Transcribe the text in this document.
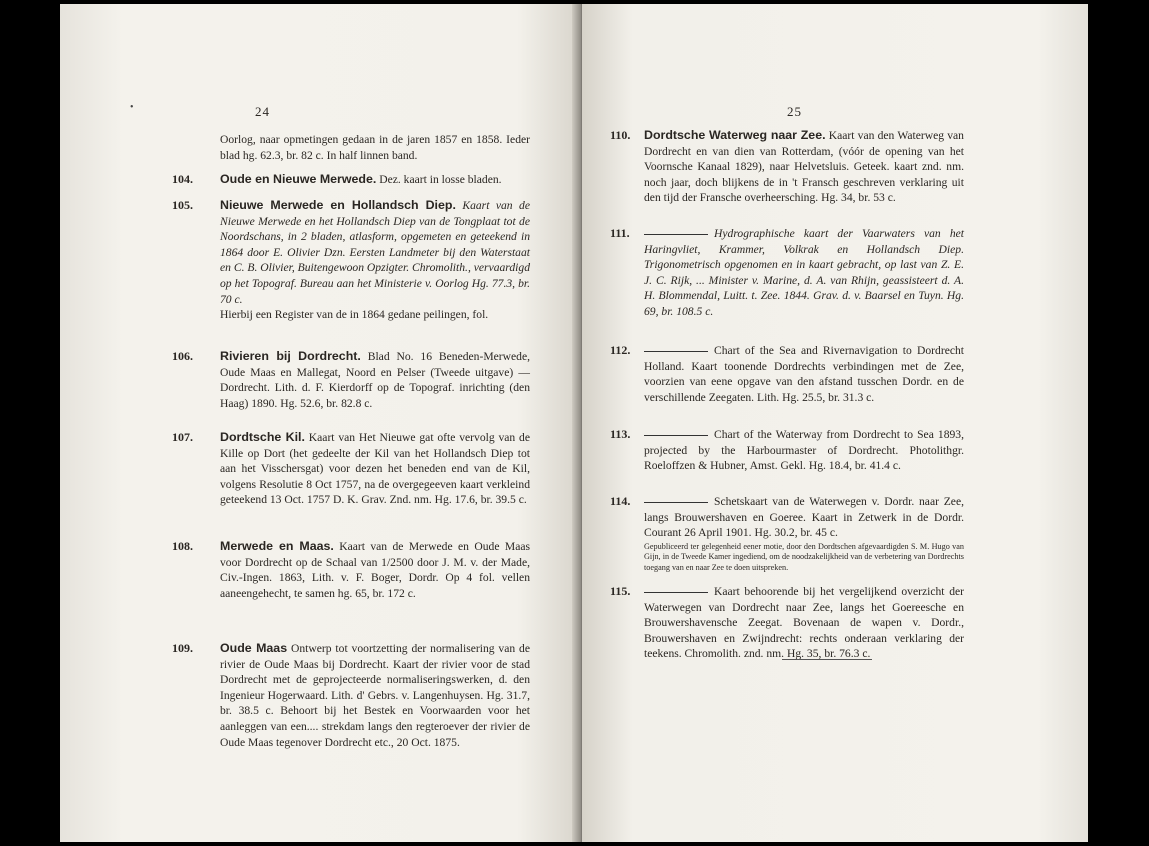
•	24
Oorlog, naar opmetingen gedaan in de jaren 1857 en 1858. Ieder blad hg. 62.3, br. 82 c. In half linnen band.
104. Oude en Nieuwe Merwede. Dez. kaart in losse bladen.
105. Nieuwe Merwede en Hollandsch Diep. Kaart van de Nieuwe Merwede en het Hollandsch Diep van de Tongplaat tot de Noordschans, in 2 bladen, atlasform, opgemeten en geteekend in 1864 door E. Olivier Dzn. Eersten Landmeter bij den Waterstaat en C. B. Olivier, Buitengewoon Opzigter. Chromolith., vervaardigd op het Topograf. Bureau aan het Ministerie v. Oorlog Hg. 77.3, br. 70 c.
Hierbij een Register van de in 1864 gedane peilingen, fol.
106. Rivieren bij Dordrecht. Blad No. 16 Beneden-Merwede, Oude Maas en Mallegat, Noord en Pelser (Tweede uitgave) — Dordrecht. Lith. d. F. Kierdorff op de Topograf. inrichting (den Haag) 1890. Hg. 52.6, br. 82.8 c.
107. Dordtsche Kil. Kaart van Het Nieuwe gat ofte vervolg van de Kille op Dort (het gedeelte der Kil van het Hollandsch Diep tot aan het Visschersgat) voor dezen het beneden end van de Kil, volgens Resolutie 8 Oct 1757, na de overgegeeven kaart verkleind geteekend 13 Oct. 1757 D. K. Grav. Znd. nm. Hg. 17.6, br. 39.5 c.
108. Merwede en Maas. Kaart van de Merwede en Oude Maas voor Dordrecht op de Schaal van 1/2500 door J. M. v. der Made, Civ.-Ingen. 1863, Lith. v. F. Boger, Dordr. Op 4 fol. vellen aaneengehecht, te samen hg. 65, br. 172 c.
109. Oude Maas Ontwerp tot voortzetting der normalisering van de rivier de Oude Maas bij Dordrecht. Kaart der rivier voor de stad Dordrecht met de geprojecteerde normaliseringswerken, d. den Ingenieur Hogerwaard. Lith. d' Gebrs. v. Langenhuysen. Hg. 31.7, br. 38.5 c. Behoort bij het Bestek en Voorwaarden voor het aanleggen van een.... strekdam langs den regteroever der rivier de Oude Maas tegenover Dordrecht etc., 20 Oct. 1875.
25
110. Dordtsche Waterweg naar Zee. Kaart van den Waterweg van Dordrecht en van dien van Rotterdam, (vóór de opening van het Voornsche Kanaal 1829), naar Helvetsluis. Geteek. kaart znd. nm. noch jaar, doch blijkens de in 't Fransch geschreven verklaring uit den tijd der Fransche overheersching. Hg. 34, br. 53 c.
111.	Hydrographische kaart der Vaarwaters van het Haringvliet, Krammer, Volkrak en Hollandsch Diep. Trigonometrisch opgenomen en in kaart gebracht, op last van Z. E. J. C. Rijk, ... Minister v. Marine, d. A. van Rhijn, geassisteert d. A. H. Blommendal, Luitt. t. Zee. 1844. Grav. d. v. Baarsel en Tuyn. Hg. 69, br. 108.5 c.
112.	Chart of the Sea and Rivernavigation to Dordrecht Holland. Kaart toonende Dordrechts verbindingen met de Zee, voorzien van eene opgave van den afstand tusschen Dordr. en de verschillende Zeegaten. Lith. Hg. 25.5, br. 31.3 c.
113.	Chart of the Waterway from Dordrecht to Sea 1893, projected by the Harbourmaster of Dordrecht. Photolithgr. Roeloffzen & Hubner, Amst. Gekl. Hg. 18.4, br. 41.4 c.
114.	Schetskaart van de Waterwegen v. Dordr. naar Zee, langs Brouwershaven en Goeree. Kaart in Zetwerk in de Dordr. Courant 26 April 1901. Hg. 30.2, br. 45 c.
Gepubliceerd ter gelegenheid eener motie, door den Dordtschen afgevaardigden S. M. Hugo van Gijn, in de Tweede Kamer ingediend, om de noodzakelijkheid van de verbetering van Dordrechts toegang van en naar Zee te doen uitspreken.
115.	Kaart behoorende bij het vergelijkend overzicht der Waterwegen van Dordrecht naar Zee, langs het Goereesche en Brouwershavensche Zeegat. Bovenaan de wapen v. Dordr., Brouwershaven en Zwijndrecht: rechts onderaan verklaring der teekens. Chromolith. znd. nm. Hg. 35, br. 76.3 c.
